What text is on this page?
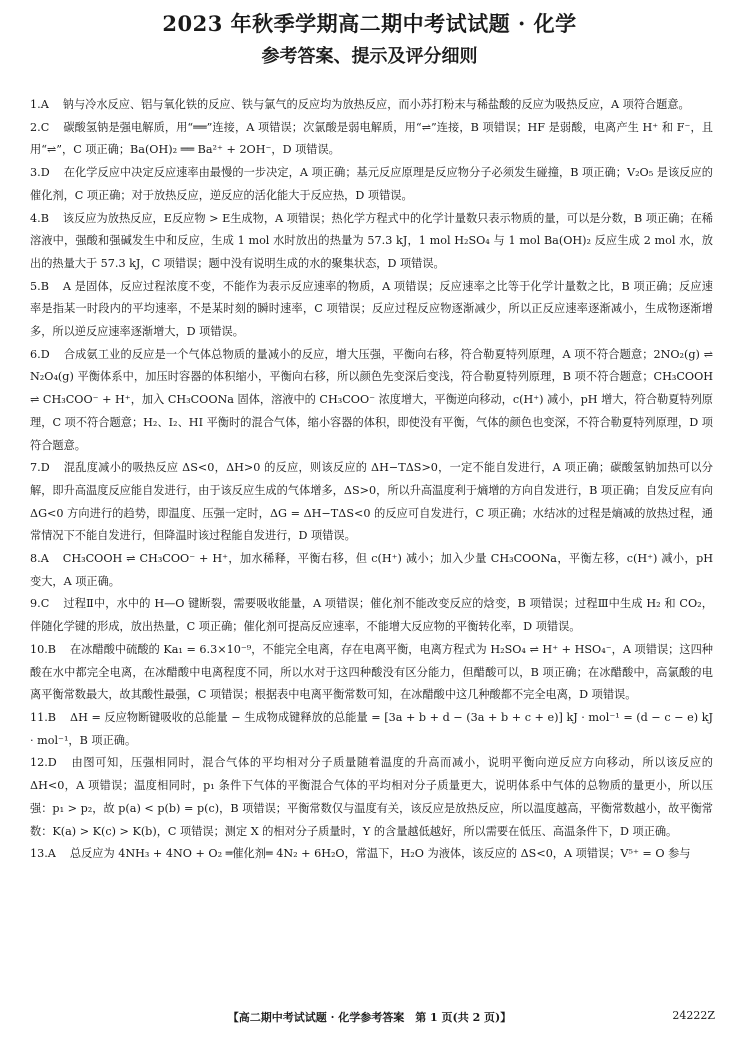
2023 年秋季学期高二期中考试试题 · 化学
参考答案、提示及评分细则
1.A 钠与冷水反应、铝与氧化铁的反应、铁与氯气的反应均为放热反应，而小苏打粉末与稀盐酸的反应为吸热反应，A 项符合题意。
2.C 碳酸氢钠是强电解质，用“══”连接，A 项错误；次氯酸是弱电解质，用“⇌”连接，B 项错误；HF 是弱酸，电离产生 H⁺ 和 F⁻，且用“⇌”，C 项正确；Ba(OH)₂ ══ Ba²⁺ + 2OH⁻，D 项错误。
3.D 在化学反应中决定反应速率由最慢的一步决定，A 项正确；基元反应原理是反应物分子必须发生碰撞，B 项正确；V₂O₅ 是该反应的催化剂，C 项正确；对于放热反应，逆反应的活化能大于反应热，D 项错误。
4.B 该反应为放热反应，E反应物 > E生成物，A 项错误；热化学方程式中的化学计量数只表示物质的量，可以是分数，B 项正确；在稀溶液中，强酸和强碱发生中和反应，生成 1 mol 水时放出的热量为 57.3 kJ，1 mol H₂SO₄ 与 1 mol Ba(OH)₂ 反应生成 2 mol 水，放出的热量大于 57.3 kJ，C 项错误；题中没有说明生成的水的聚集状态，D 项错误。
5.B A 是固体，反应过程浓度不变，不能作为表示反应速率的物质，A 项错误；反应速率之比等于化学计量数之比，B 项正确；反应速率是指某一时段内的平均速率，不是某时刻的瞬时速率，C 项错误；反应过程反应物逐渐减少，所以正反应速率逐渐减小，生成物逐渐增多，所以逆反应速率逐渐增大，D 项错误。
6.D 合成氨工业的反应是一个气体总物质的量减小的反应，增大压强，平衡向右移，符合勒夏特列原理，A 项不符合题意；2NO₂(g) ⇌ N₂O₄(g) 平衡体系中，加压时容器的体积缩小，平衡向右移，所以颜色先变深后变浅，符合勒夏特列原理，B 项不符合题意；CH₃COOH ⇌ CH₃COO⁻ + H⁺，加入 CH₃COONa 固体，溶液中的 CH₃COO⁻ 浓度增大，平衡逆向移动，c(H⁺) 减小，pH 增大，符合勒夏特列原理，C 项不符合题意；H₂、I₂、HI 平衡时的混合气体，缩小容器的体积，即使没有平衡，气体的颜色也变深，不符合勒夏特列原理，D 项符合题意。
7.D 混乱度减小的吸热反应 ΔS<0，ΔH>0 的反应，则该反应的 ΔH−TΔS>0，一定不能自发进行，A 项正确；碳酸氢钠加热可以分解，即升高温度反应能自发进行，由于该反应生成的气体增多，ΔS>0，所以升高温度利于熵增的方向自发进行，B 项正确；自发反应有向 ΔG<0 方向进行的趋势，即温度、压强一定时，ΔG = ΔH−TΔS<0 的反应可自发进行，C 项正确；水结冰的过程是熵减的放热过程，通常情况下不能自发进行，但降温时该过程能自发进行，D 项错误。
8.A CH₃COOH ⇌ CH₃COO⁻ + H⁺，加水稀释，平衡右移，但 c(H⁺) 减小；加入少量 CH₃COONa，平衡左移，c(H⁺) 减小，pH 变大，A 项正确。
9.C 过程Ⅱ中，水中的 H—O 键断裂，需要吸收能量，A 项错误；催化剂不能改变反应的焓变，B 项错误；过程Ⅲ中生成 H₂ 和 CO₂，伴随化学键的形成，放出热量，C 项正确；催化剂可提高反应速率，不能增大反应物的平衡转化率，D 项错误。
10.B 在冰醋酸中硫酸的 Ka₁ = 6.3×10⁻⁹，不能完全电离，存在电离平衡，电离方程式为 H₂SO₄ ⇌ H⁺ + HSO₄⁻，A 项错误；这四种酸在水中都完全电离，在冰醋酸中电离程度不同，所以水对于这四种酸没有区分能力，但醋酸可以，B 项正确；在冰醋酸中，高氯酸的电离平衡常数最大，故其酸性最强，C 项错误；根据表中电离平衡常数可知，在冰醋酸中这几种酸都不完全电离，D 项错误。
11.B ΔH = 反应物断键吸收的总能量 − 生成物成键释放的总能量 = [3a + b + d − (3a + b + c + e)] kJ · mol⁻¹ = (d − c − e) kJ · mol⁻¹，B 项正确。
12.D 由图可知，压强相同时，混合气体的平均相对分子质量随着温度的升高而减小，说明平衡向逆反应方向移动，所以该反应的 ΔH<0，A 项错误；温度相同时，p₁ 条件下气体的平衡混合气体的平均相对分子质量更大，说明体系中气体的总物质的量更小，所以压强：p₁ > p₂，故 p(a) < p(b) = p(c)，B 项错误；平衡常数仅与温度有关，该反应是放热反应，所以温度越高，平衡常数越小，故平衡常数：K(a) > K(c) > K(b)，C 项错误；测定 X 的相对分子质量时，Y 的含量越低越好，所以需要在低压、高温条件下，D 项正确。
13.A 总反应为 4NH₃ + 4NO + O₂ ═催化剂═ 4N₂ + 6H₂O，常温下，H₂O 为液体，该反应的 ΔS<0，A 项错误；V⁵⁺ = O 参与
【高二期中考试试题 · 化学参考答案　第 1 页(共 2 页)】	24222Z
